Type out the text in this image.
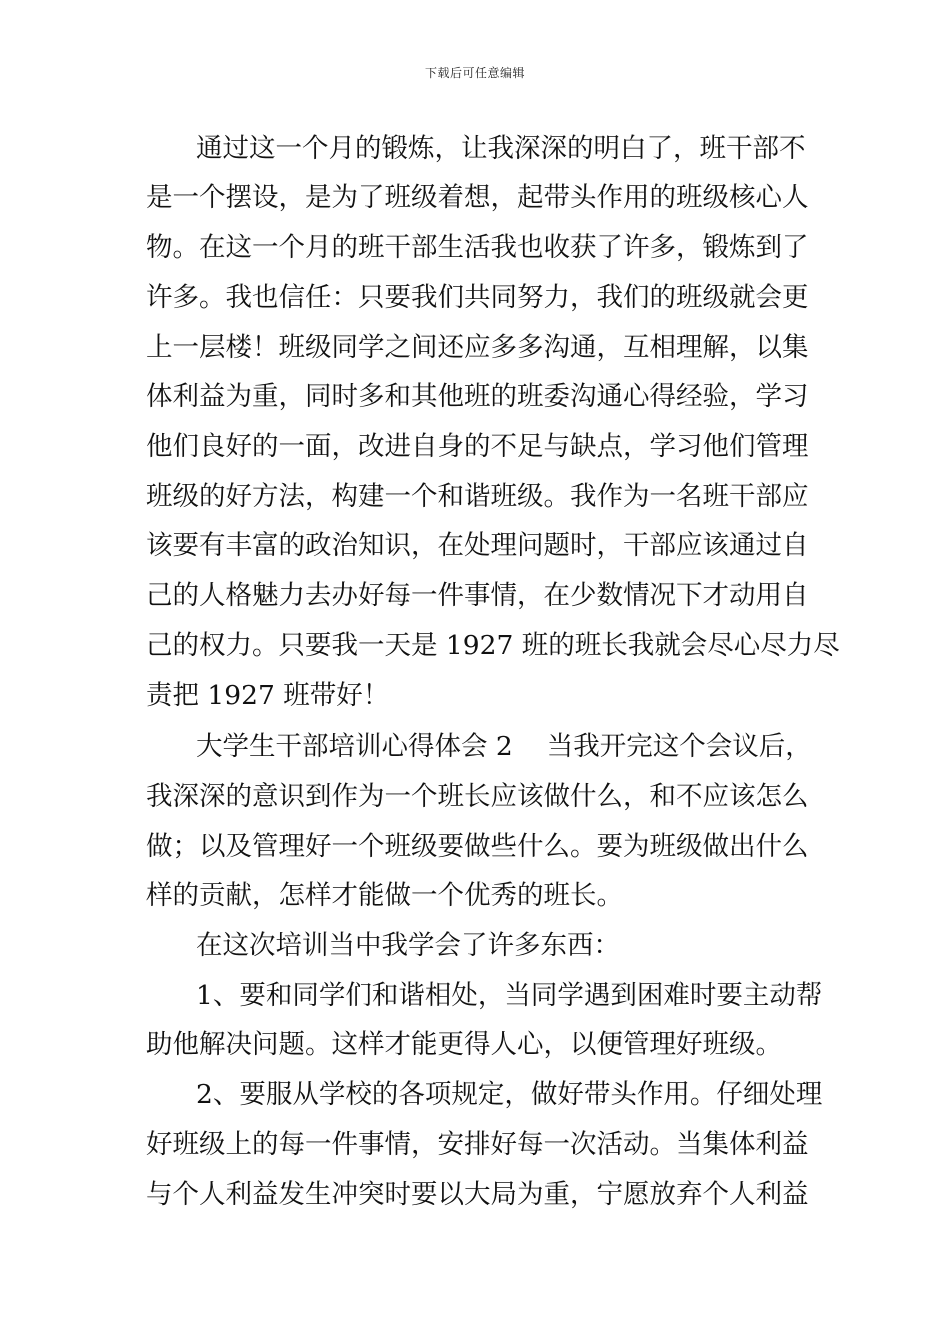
下载后可任意编辑
通过这一个月的锻炼，让我深深的明白了，班干部不
是一个摆设，是为了班级着想，起带头作用的班级核心人
物。在这一个月的班干部生活我也收获了许多，锻炼到了
许多。我也信任：只要我们共同努力，我们的班级就会更
上一层楼！班级同学之间还应多多沟通，互相理解，以集
体利益为重，同时多和其他班的班委沟通心得经验，学习
他们良好的一面，改进自身的不足与缺点，学习他们管理
班级的好方法，构建一个和谐班级。我作为一名班干部应
该要有丰富的政治知识，在处理问题时，干部应该通过自
己的人格魅力去办好每一件事情，在少数情况下才动用自
己的权力。只要我一天是 1927 班的班长我就会尽心尽力尽
责把 1927 班带好！
大学生干部培训心得体会 2 当我开完这个会议后，
我深深的意识到作为一个班长应该做什么，和不应该怎么
做；以及管理好一个班级要做些什么。要为班级做出什么
样的贡献，怎样才能做一个优秀的班长。
在这次培训当中我学会了许多东西：
1、要和同学们和谐相处，当同学遇到困难时要主动帮
助他解决问题。这样才能更得人心，以便管理好班级。
2、要服从学校的各项规定，做好带头作用。仔细处理
好班级上的每一件事情，安排好每一次活动。当集体利益
与个人利益发生冲突时要以大局为重，宁愿放弃个人利益
